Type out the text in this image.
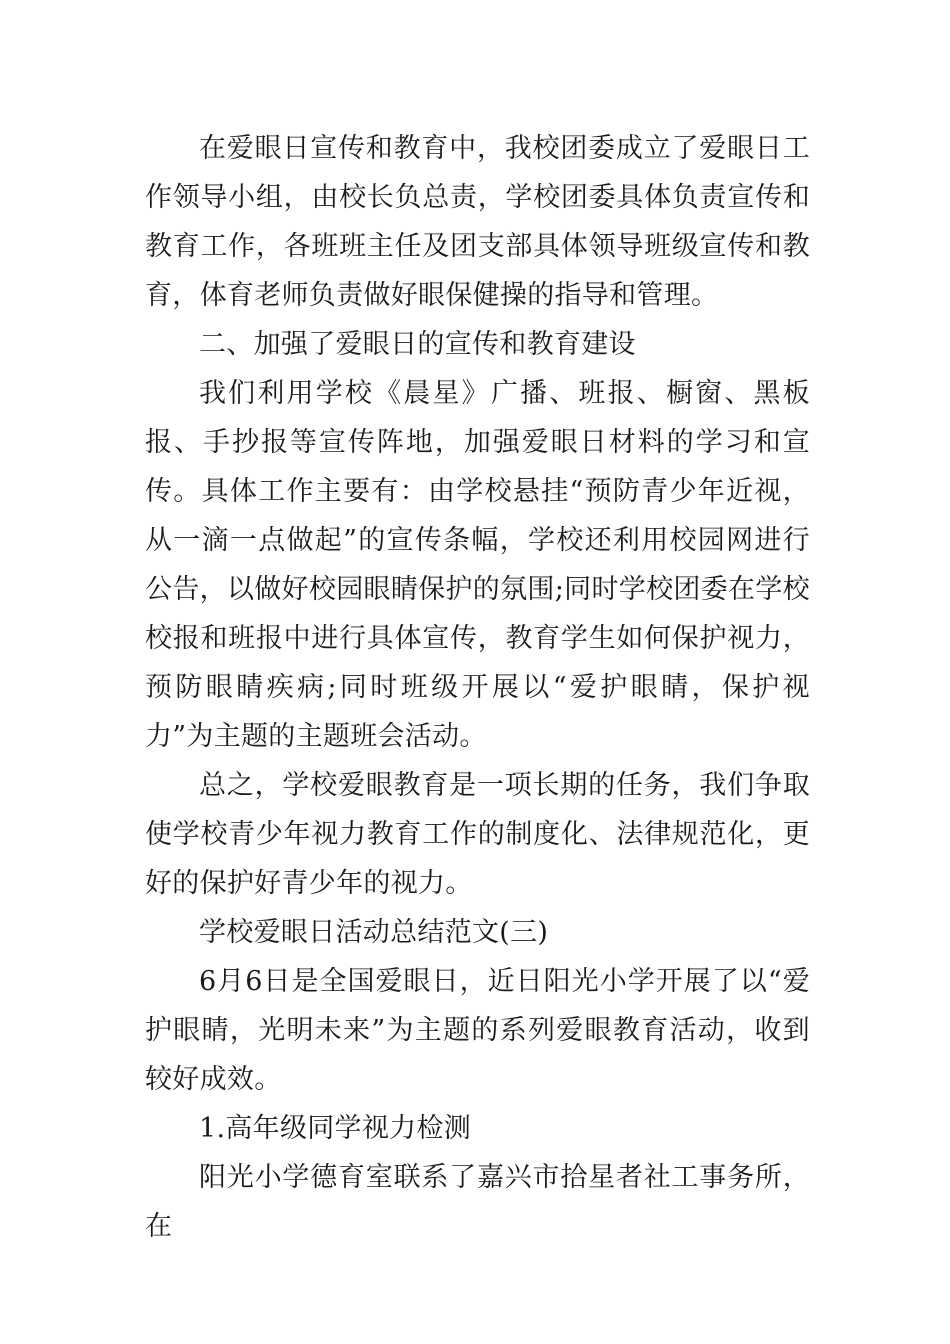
在爱眼日宣传和教育中，我校团委成立了爱眼日工作领导小组，由校长负总责，学校团委具体负责宣传和教育工作，各班班主任及团支部具体领导班级宣传和教育，体育老师负责做好眼保健操的指导和管理。

二、加强了爱眼日的宣传和教育建设

我们利用学校《晨星》广播、班报、橱窗、黑板报、手抄报等宣传阵地，加强爱眼日材料的学习和宣传。具体工作主要有：由学校悬挂“预防青少年近视，从一滴一点做起”的宣传条幅，学校还利用校园网进行公告，以做好校园眼睛保护的氛围;同时学校团委在学校校报和班报中进行具体宣传，教育学生如何保护视力，预防眼睛疾病;同时班级开展以“爱护眼睛，保护视力”为主题的主题班会活动。

总之，学校爱眼教育是一项长期的任务，我们争取使学校青少年视力教育工作的制度化、法律规范化，更好的保护好青少年的视力。

学校爱眼日活动总结范文(三)

6月6日是全国爱眼日，近日阳光小学开展了以“爱护眼睛，光明未来”为主题的系列爱眼教育活动，收到较好成效。

1.高年级同学视力检测

阳光小学德育室联系了嘉兴市拾星者社工事务所，在
